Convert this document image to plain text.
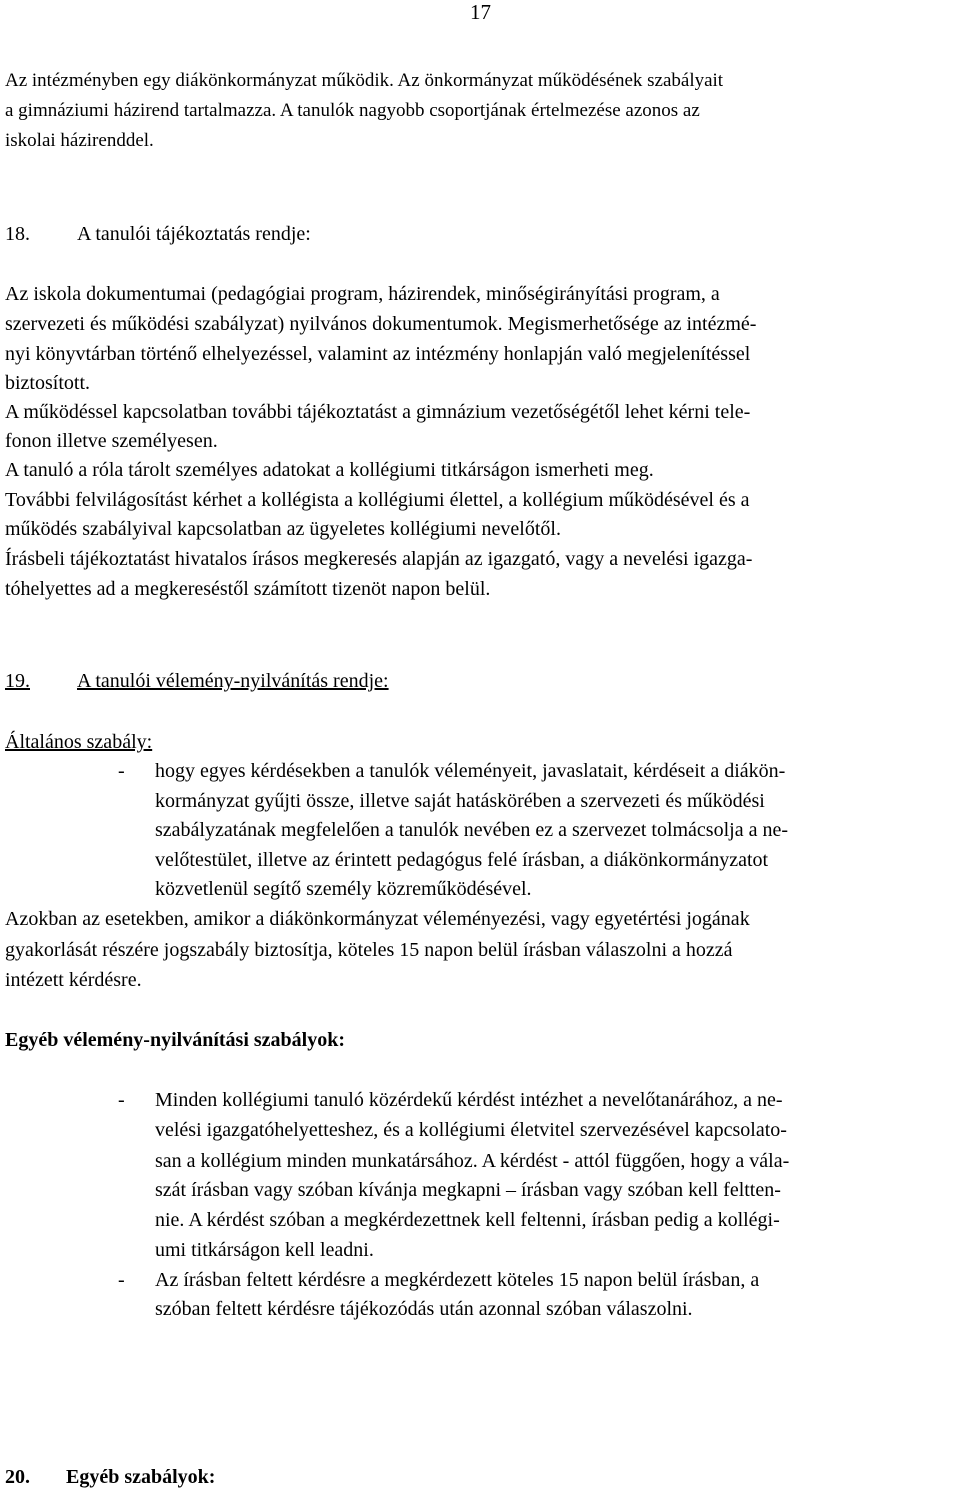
17
Az intézményben egy diákönkormányzat működik. Az önkormányzat működésének szabályait
a gimnáziumi házirend tartalmazza. A tanulók nagyobb csoportjának értelmezése azonos az
iskolai házirenddel.
18. A tanulói tájékoztatás rendje:
Az iskola dokumentumai (pedagógiai program, házirendek, minőségirányítási program, a
szervezeti és működési szabályzat) nyilvános dokumentumok. Megismerhetősége az intézmé-
nyi könyvtárban történő elhelyezéssel, valamint az intézmény honlapján való megjelenítéssel
biztosított.
A működéssel kapcsolatban további tájékoztatást a gimnázium vezetőségétől lehet kérni tele-
fonon illetve személyesen.
A tanuló a róla tárolt személyes adatokat a kollégiumi titkárságon ismerheti meg.
További felvilágosítást kérhet a kollégista a kollégiumi élettel, a kollégium működésével és a
működés szabályival kapcsolatban az ügyeletes kollégiumi nevelőtől.
Írásbeli tájékoztatást hivatalos írásos megkeresés alapján az igazgató, vagy a nevelési igazga-
tóhelyettes ad a megkereséstől számított tizenöt napon belül.
19. A tanulói vélemény-nyilvánítás rendje:
Általános szabály:
- hogy egyes kérdésekben a tanulók véleményeit, javaslatait, kérdéseit a diákön-
kormányzat gyűjti össze, illetve saját hatáskörében a szervezeti és működési
szabályzatának megfelelően a tanulók nevében ez a szervezet tolmácsolja a ne-
velőtestület, illetve az érintett pedagógus felé írásban, a diákönkormányzatot
közvetlenül segítő személy közreműködésével.
Azokban az esetekben, amikor a diákönkormányzat véleményezési, vagy egyetértési jogának
gyakorlását részére jogszabály biztosítja, köteles 15 napon belül írásban válaszolni a hozzá
intézett kérdésre.
Egyéb vélemény-nyilvánítási szabályok:
- Minden kollégiumi tanuló közérdekű kérdést intézhet a nevelőtanárához, a ne-
velési igazgatóhelyetteshez, és a kollégiumi életvitel szervezésével kapcsolato-
san a kollégium minden munkatársához. A kérdést - attól függően, hogy a vála-
szát írásban vagy szóban kívánja megkapni – írásban vagy szóban kell feltten-
nie. A kérdést szóban a megkérdezettnek kell feltenni, írásban pedig a kollégi-
umi titkárságon kell leadni.
- Az írásban feltett kérdésre a megkérdezett köteles 15 napon belül írásban, a
szóban feltett kérdésre tájékozódás után azonnal szóban válaszolni.
20. Egyéb szabályok:
